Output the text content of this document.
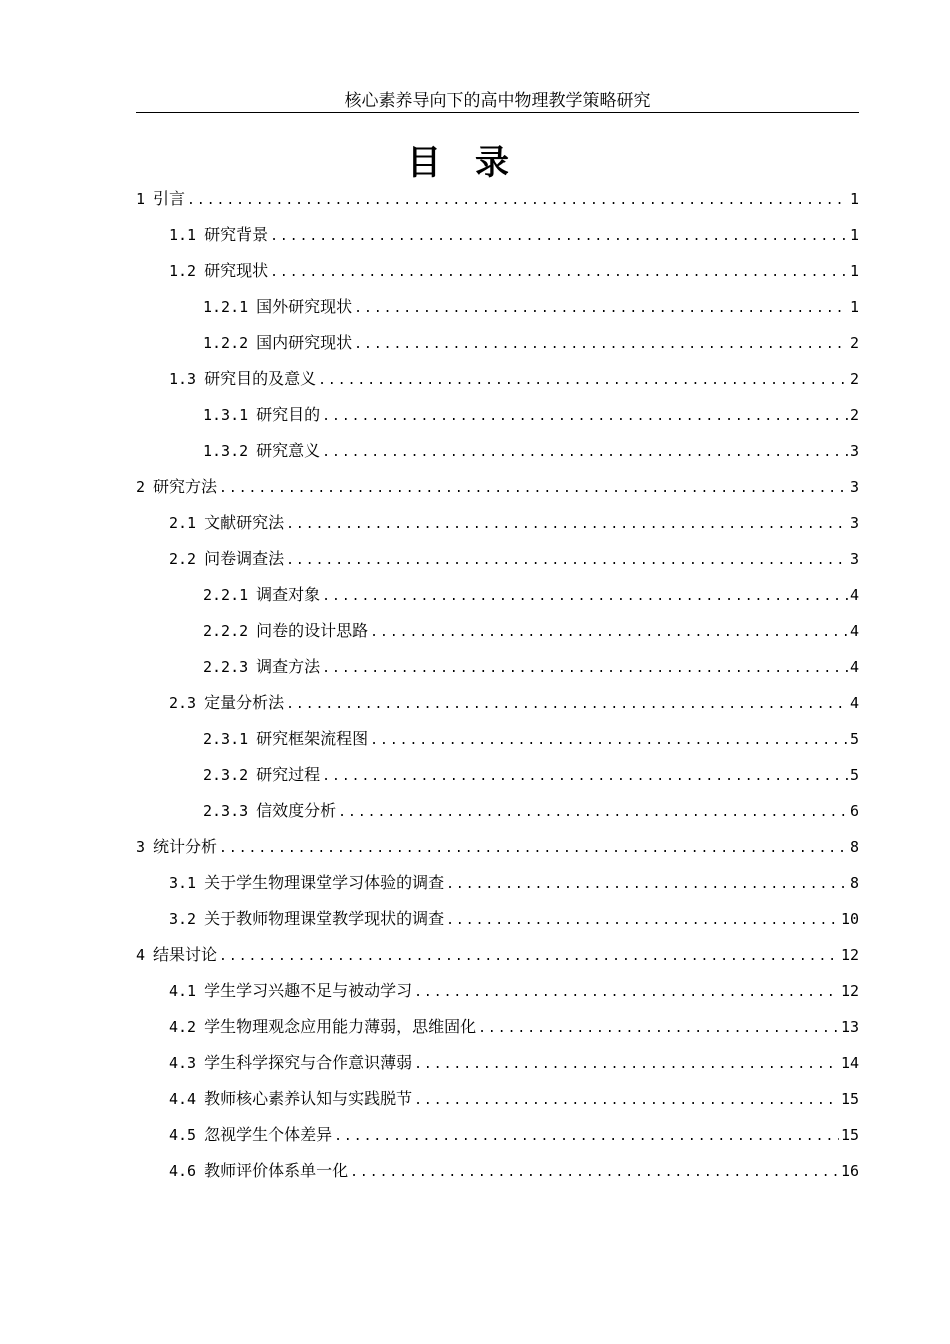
核心素养导向下的高中物理教学策略研究
目录
1 引言 .....	1
1.1 研究背景 .....	1
1.2 研究现状 .....	1
1.2.1 国外研究现状 .....	1
1.2.2 国内研究现状 .....	2
1.3 研究目的及意义 .....	2
1.3.1 研究目的 .....	2
1.3.2 研究意义 .....	3
2 研究方法 .....	3
2.1 文献研究法 .....	3
2.2 问卷调查法 .....	3
2.2.1 调查对象 .....	4
2.2.2 问卷的设计思路 .....	4
2.2.3 调查方法 .....	4
2.3 定量分析法 .....	4
2.3.1 研究框架流程图 .....	5
2.3.2 研究过程 .....	5
2.3.3 信效度分析 .....	6
3 统计分析 .....	8
3.1 关于学生物理课堂学习体验的调查 .....	8
3.2 关于教师物理课堂教学现状的调查 .....	10
4 结果讨论 .....	12
4.1 学生学习兴趣不足与被动学习 .....	12
4.2 学生物理观念应用能力薄弱，思维固化 .....	13
4.3 学生科学探究与合作意识薄弱 .....	14
4.4 教师核心素养认知与实践脱节 .....	15
4.5 忽视学生个体差异 .....	15
4.6 教师评价体系单一化 .....	16
